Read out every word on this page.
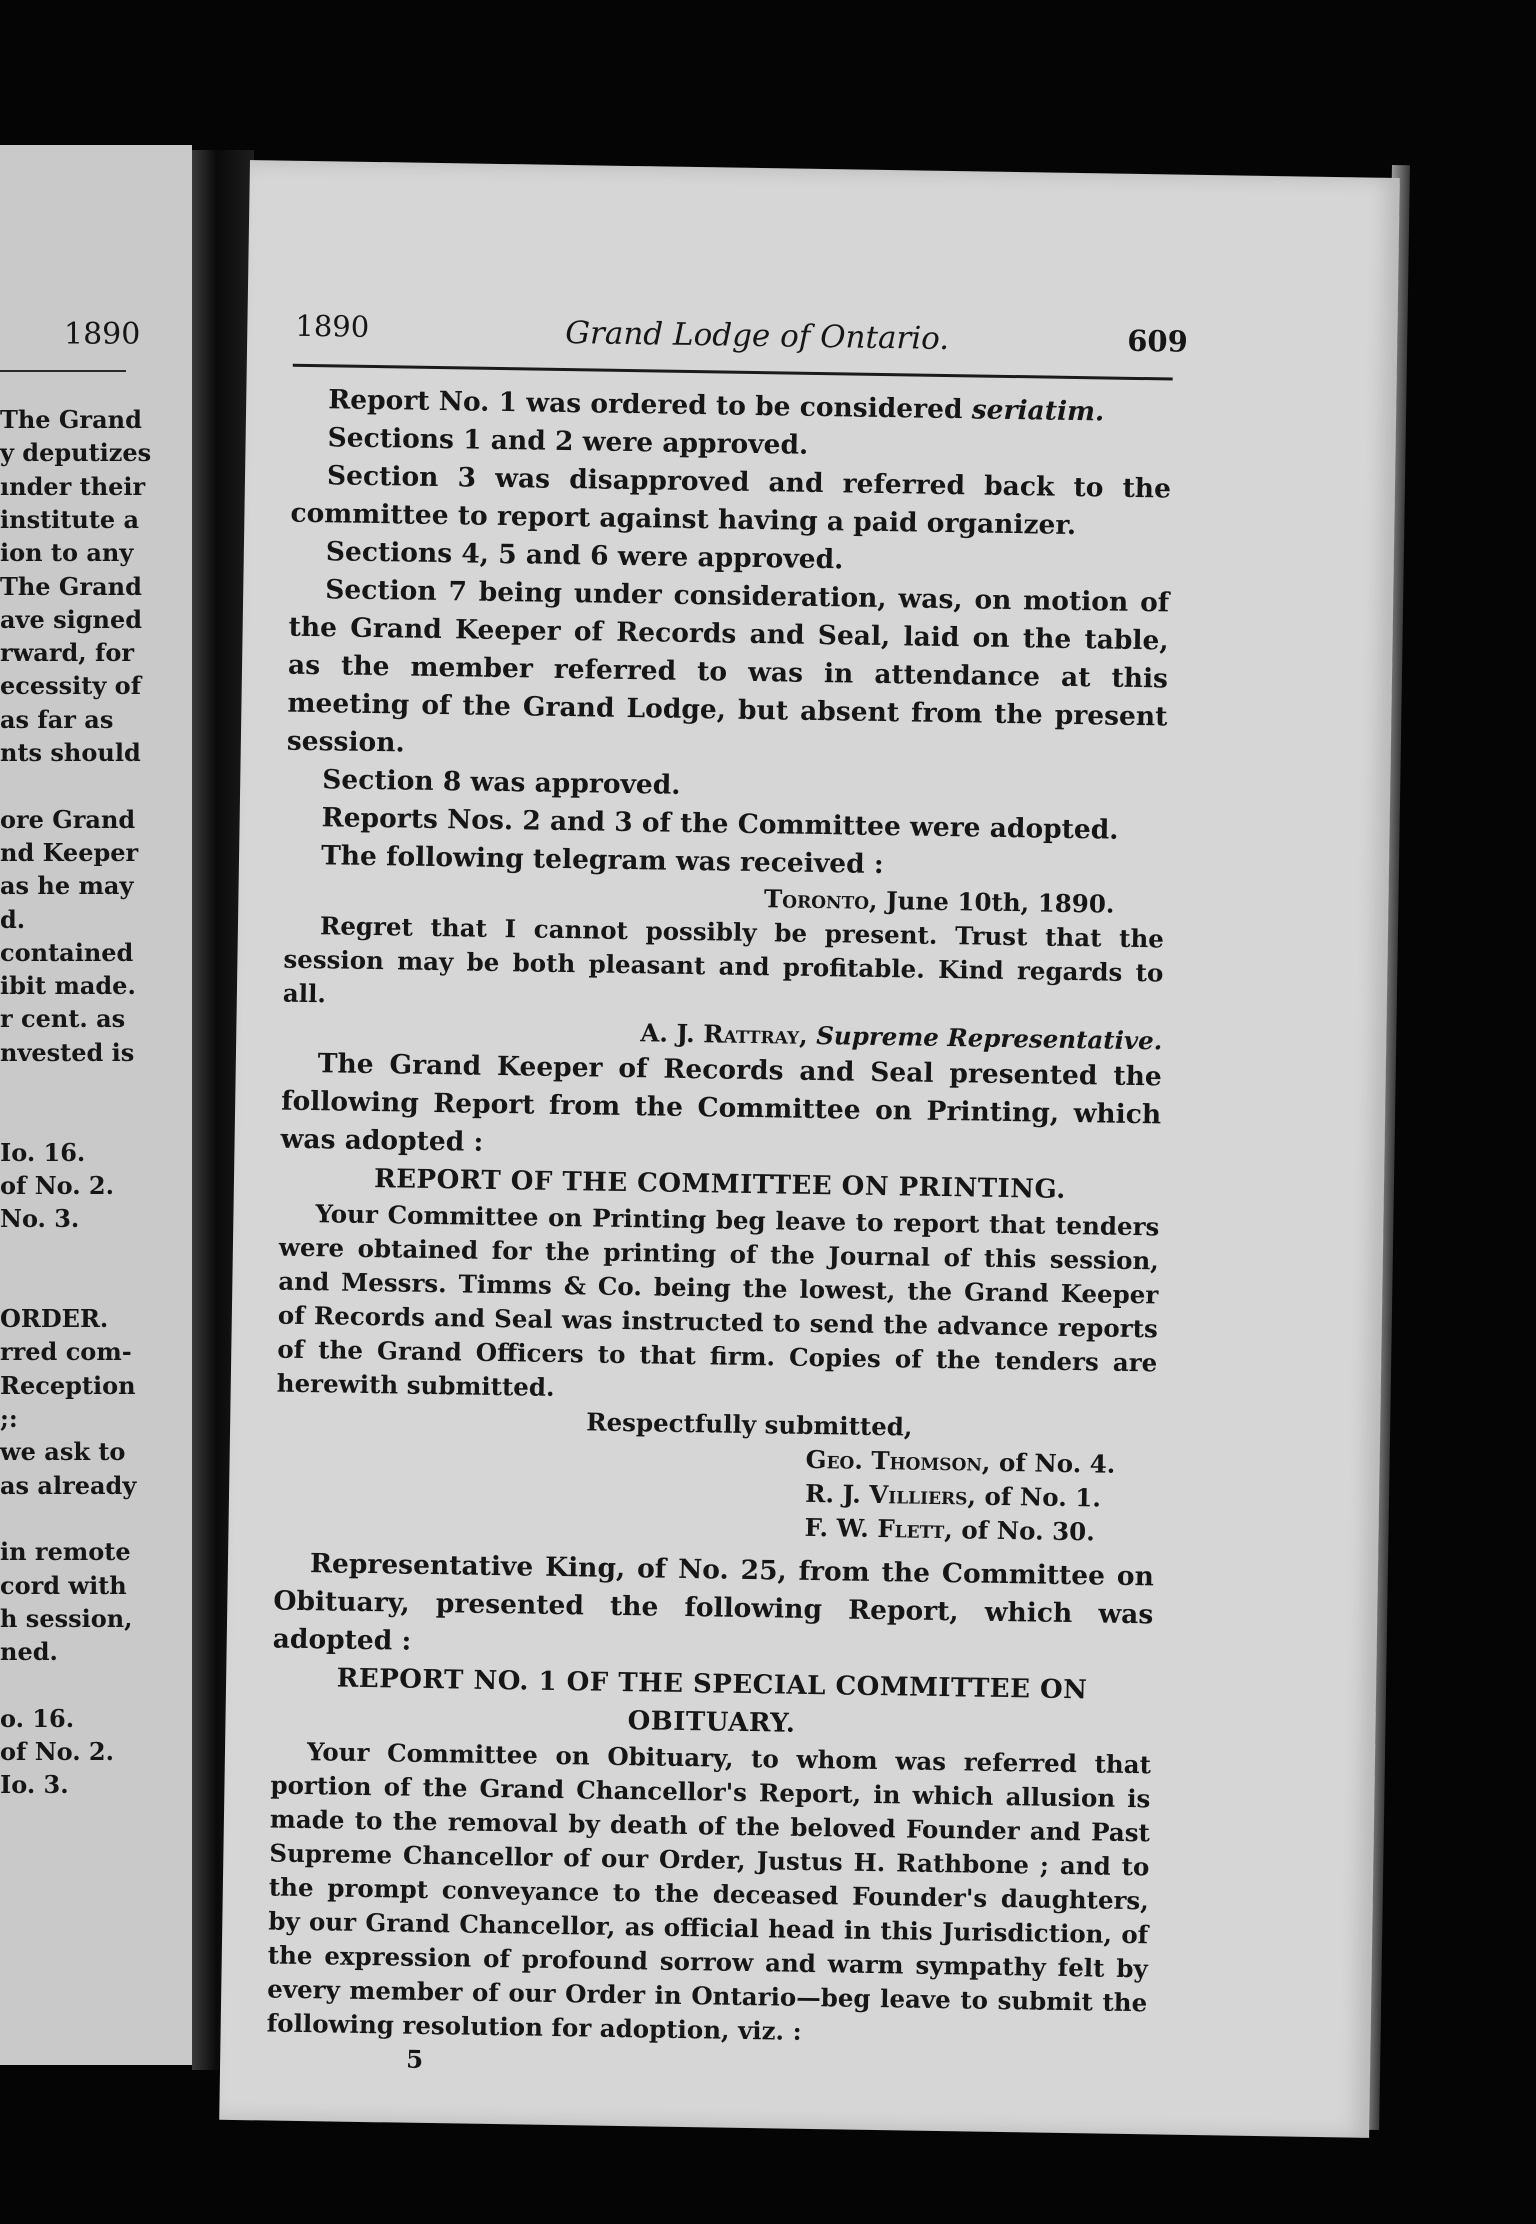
1890
The Grand
y deputizes
ınder their
institute a
ion to any
The Grand
ave signed
rward, for
ecessity of
as far as
nts should
ore Grand
nd Keeper
as he may
d.
contained
ibit made.
r cent. as
nvested is
Io. 16.
of No. 2.
No. 3.
ORDER.
rred com-
Reception
;:
we ask to
as already
in remote
cord with
h session,
ned.
o. 16.
of No. 2.
Io. 3.
1890	Grand Lodge of Ontario.	609

Report No. 1 was ordered to be considered seriatim.

Sections 1 and 2 were approved.

Section 3 was disapproved and referred back to the committee to report against having a paid organizer.

Sections 4, 5 and 6 were approved.

Section 7 being under consideration, was, on motion of the Grand Keeper of Records and Seal, laid on the table, as the member referred to was in attendance at this meeting of the Grand Lodge, but absent from the present session.

Section 8 was approved.

Reports Nos. 2 and 3 of the Committee were adopted.

The following telegram was received :

Toronto, June 10th, 1890.

Regret that I cannot possibly be present. Trust that the session may be both pleasant and profitable. Kind regards to all.

A. J. Rattray, Supreme Representative.

The Grand Keeper of Records and Seal presented the following Report from the Committee on Printing, which was adopted :

REPORT OF THE COMMITTEE ON PRINTING.

Your Committee on Printing beg leave to report that tenders were obtained for the printing of the Journal of this session, and Messrs. Timms & Co. being the lowest, the Grand Keeper of Records and Seal was instructed to send the advance reports of the Grand Officers to that firm. Copies of the tenders are herewith submitted.

Respectfully submitted,

Geo. Thomson, of No. 4.

R. J. Villiers, of No. 1.

F. W. Flett, of No. 30.

Representative King, of No. 25, from the Committee on Obituary, presented the following Report, which was adopted :

REPORT NO. 1 OF THE SPECIAL COMMITTEE ON OBITUARY.

Your Committee on Obituary, to whom was referred that portion of the Grand Chancellor's Report, in which allusion is made to the removal by death of the beloved Founder and Past Supreme Chancellor of our Order, Justus H. Rathbone ; and to the prompt conveyance to the deceased Founder's daughters, by our Grand Chancellor, as official head in this Jurisdiction, of the expression of profound sorrow and warm sympathy felt by every member of our Order in Ontario—beg leave to submit the following resolution for adoption, viz. :

5
